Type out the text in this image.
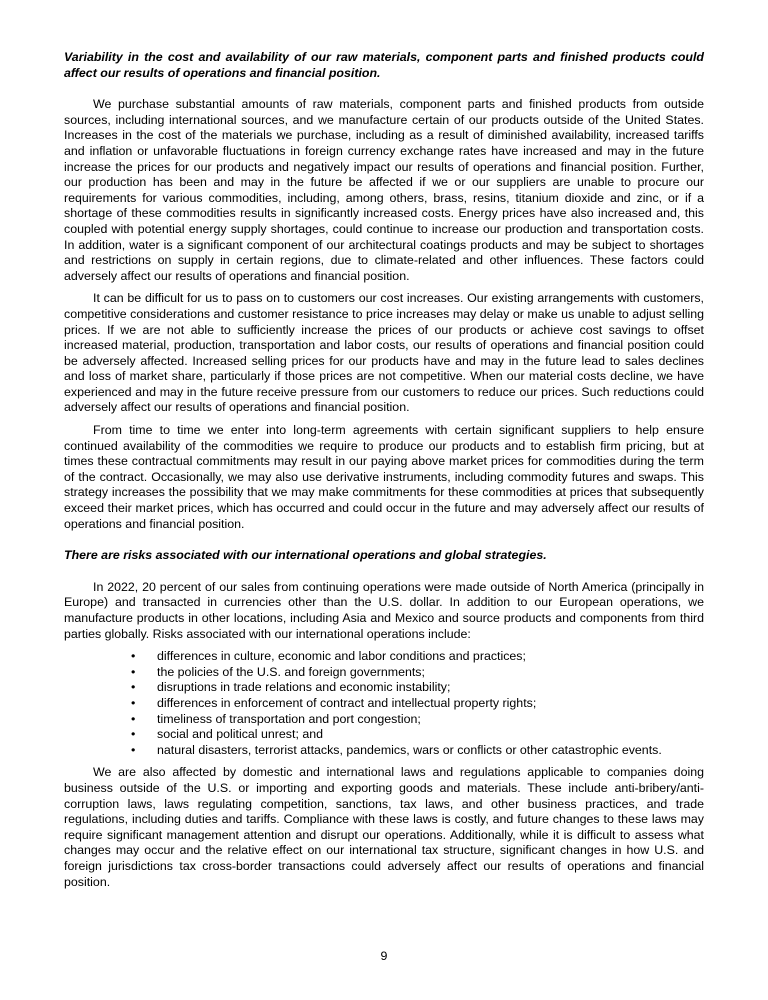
Variability in the cost and availability of our raw materials, component parts and finished products could affect our results of operations and financial position.

We purchase substantial amounts of raw materials, component parts and finished products from outside sources, including international sources, and we manufacture certain of our products outside of the United States. Increases in the cost of the materials we purchase, including as a result of diminished availability, increased tariffs and inflation or unfavorable fluctuations in foreign currency exchange rates have increased and may in the future increase the prices for our products and negatively impact our results of operations and financial position. Further, our production has been and may in the future be affected if we or our suppliers are unable to procure our requirements for various commodities, including, among others, brass, resins, titanium dioxide and zinc, or if a shortage of these commodities results in significantly increased costs. Energy prices have also increased and, this coupled with potential energy supply shortages, could continue to increase our production and transportation costs. In addition, water is a significant component of our architectural coatings products and may be subject to shortages and restrictions on supply in certain regions, due to climate-related and other influences. These factors could adversely affect our results of operations and financial position.

It can be difficult for us to pass on to customers our cost increases. Our existing arrangements with customers, competitive considerations and customer resistance to price increases may delay or make us unable to adjust selling prices. If we are not able to sufficiently increase the prices of our products or achieve cost savings to offset increased material, production, transportation and labor costs, our results of operations and financial position could be adversely affected. Increased selling prices for our products have and may in the future lead to sales declines and loss of market share, particularly if those prices are not competitive. When our material costs decline, we have experienced and may in the future receive pressure from our customers to reduce our prices. Such reductions could adversely affect our results of operations and financial position.

From time to time we enter into long-term agreements with certain significant suppliers to help ensure continued availability of the commodities we require to produce our products and to establish firm pricing, but at times these contractual commitments may result in our paying above market prices for commodities during the term of the contract. Occasionally, we may also use derivative instruments, including commodity futures and swaps. This strategy increases the possibility that we may make commitments for these commodities at prices that subsequently exceed their market prices, which has occurred and could occur in the future and may adversely affect our results of operations and financial position.

There are risks associated with our international operations and global strategies.

In 2022, 20 percent of our sales from continuing operations were made outside of North America (principally in Europe) and transacted in currencies other than the U.S. dollar. In addition to our European operations, we manufacture products in other locations, including Asia and Mexico and source products and components from third parties globally. Risks associated with our international operations include:

• differences in culture, economic and labor conditions and practices;
• the policies of the U.S. and foreign governments;
• disruptions in trade relations and economic instability;
• differences in enforcement of contract and intellectual property rights;
• timeliness of transportation and port congestion;
• social and political unrest; and
• natural disasters, terrorist attacks, pandemics, wars or conflicts or other catastrophic events.

We are also affected by domestic and international laws and regulations applicable to companies doing business outside of the U.S. or importing and exporting goods and materials. These include anti-bribery/anti-corruption laws, laws regulating competition, sanctions, tax laws, and other business practices, and trade regulations, including duties and tariffs. Compliance with these laws is costly, and future changes to these laws may require significant management attention and disrupt our operations. Additionally, while it is difficult to assess what changes may occur and the relative effect on our international tax structure, significant changes in how U.S. and foreign jurisdictions tax cross-border transactions could adversely affect our results of operations and financial position.

9
